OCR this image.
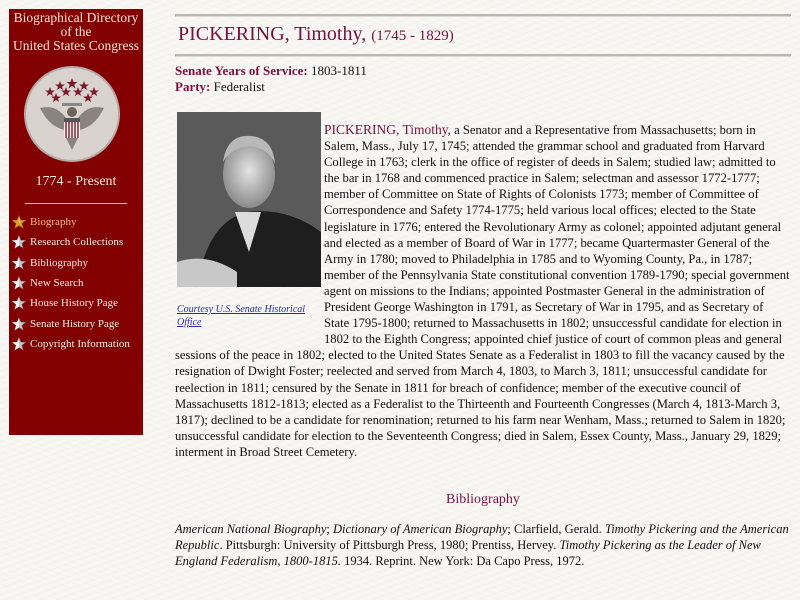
Biographical Directory
of the
United States Congress
1774 - Present
Biography
Research Collections
Bibliography
New Search
House History Page
Senate History Page
Copyright Information
PICKERING, Timothy, (1745 - 1829)
Senate Years of Service: 1803-1811
Party: Federalist
PICKERING, Timothy, a Senator and a Representative from Massachusetts; born in Salem, Mass., July 17, 1745; attended the grammar school and graduated from Harvard College in 1763; clerk in the office of register of deeds in Salem; studied law; admitted to the bar in 1768 and commenced practice in Salem; selectman and assessor 1772-1777; member of Committee on State of Rights of Colonists 1773; member of Committee of Correspondence and Safety 1774-1775; held various local offices; elected to the State legislature in 1776; entered the Revolutionary Army as colonel; appointed adjutant general and elected as a member of Board of War in 1777; became Quartermaster General of the Army in 1780; moved to Philadelphia in 1785 and to Wyoming County, Pa., in 1787; member of the Pennsylvania State constitutional convention 1789-1790; special government agent on missions to the Indians; appointed Postmaster General in the administration of President George Washington in 1791, as Secretary of War in 1795, and as Secretary of State 1795-1800; returned to Massachusetts in 1802; unsuccessful candidate for election in 1802 to the Eighth Congress; appointed chief justice of court of common pleas and general sessions of the peace in 1802; elected to the United States Senate as a Federalist in 1803 to fill the vacancy caused by the resignation of Dwight Foster; reelected and served from March 4, 1803, to March 3, 1811; unsuccessful candidate for reelection in 1811; censured by the Senate in 1811 for breach of confidence; member of the executive council of Massachusetts 1812-1813; elected as a Federalist to the Thirteenth and Fourteenth Congresses (March 4, 1813-March 3, 1817); declined to be a candidate for renomination; returned to his farm near Wenham, Mass.; returned to Salem in 1820; unsuccessful candidate for election to the Seventeenth Congress; died in Salem, Essex County, Mass., January 29, 1829; interment in Broad Street Cemetery.
Courtesy U.S. Senate Historical Office
Bibliography
American National Biography; Dictionary of American Biography; Clarfield, Gerald. Timothy Pickering and the American Republic. Pittsburgh: University of Pittsburgh Press, 1980; Prentiss, Hervey. Timothy Pickering as the Leader of New England Federalism, 1800-1815. 1934. Reprint. New York: Da Capo Press, 1972.
